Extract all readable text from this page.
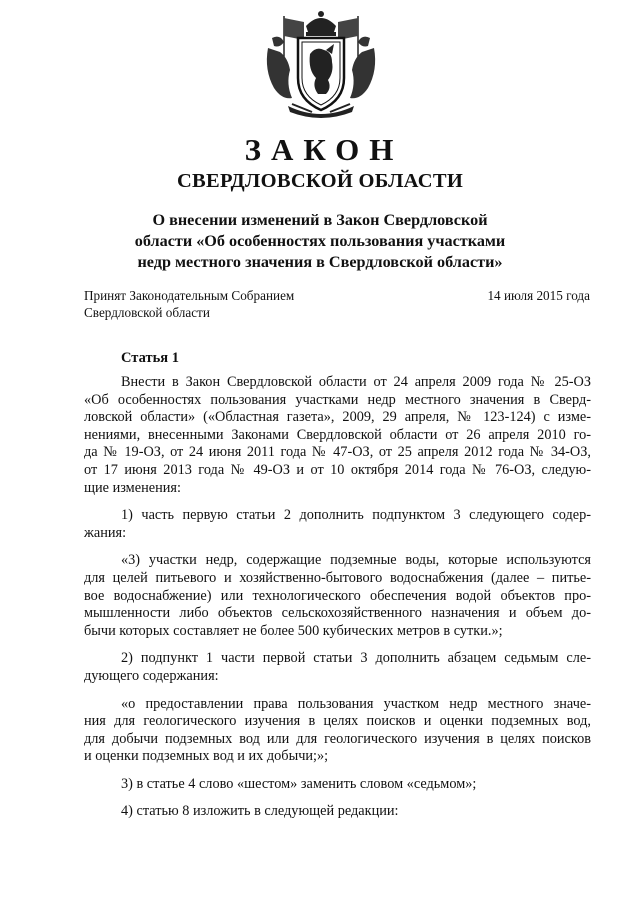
ЗАКОН
СВЕРДЛОВСКОЙ ОБЛАСТИ
О внесении изменений в Закон Свердловской
области «Об особенностях пользования участками
недр местного значения в Свердловской области»
Принят Законодательным Собранием
Свердловской области
14 июля 2015 года
Статья 1
Внести в Закон Свердловской области от 24 апреля 2009 года № 25-ОЗ
«Об особенностях пользования участками недр местного значения в Сверд-
ловской области» («Областная газета», 2009, 29 апреля, № 123-124) с изме-
нениями, внесенными Законами Свердловской области от 26 апреля 2010 го-
да № 19-ОЗ, от 24 июня 2011 года № 47-ОЗ, от 25 апреля 2012 года № 34-ОЗ,
от 17 июня 2013 года № 49-ОЗ и от 10 октября 2014 года № 76-ОЗ, следую-
щие изменения:
1) часть первую статьи 2 дополнить подпунктом 3 следующего содер-
жания:
«3) участки недр, содержащие подземные воды, которые используются
для целей питьевого и хозяйственно-бытового водоснабжения (далее – питье-
вое водоснабжение) или технологического обеспечения водой объектов про-
мышленности либо объектов сельскохозяйственного назначения и объем до-
бычи которых составляет не более 500 кубических метров в сутки.»;
2) подпункт 1 части первой статьи 3 дополнить абзацем седьмым сле-
дующего содержания:
«о предоставлении права пользования участком недр местного значе-
ния для геологического изучения в целях поисков и оценки подземных вод,
для добычи подземных вод или для геологического изучения в целях поисков
и оценки подземных вод и их добычи;»;
3) в статье 4 слово «шестом» заменить словом «седьмом»;
4) статью 8 изложить в следующей редакции:
